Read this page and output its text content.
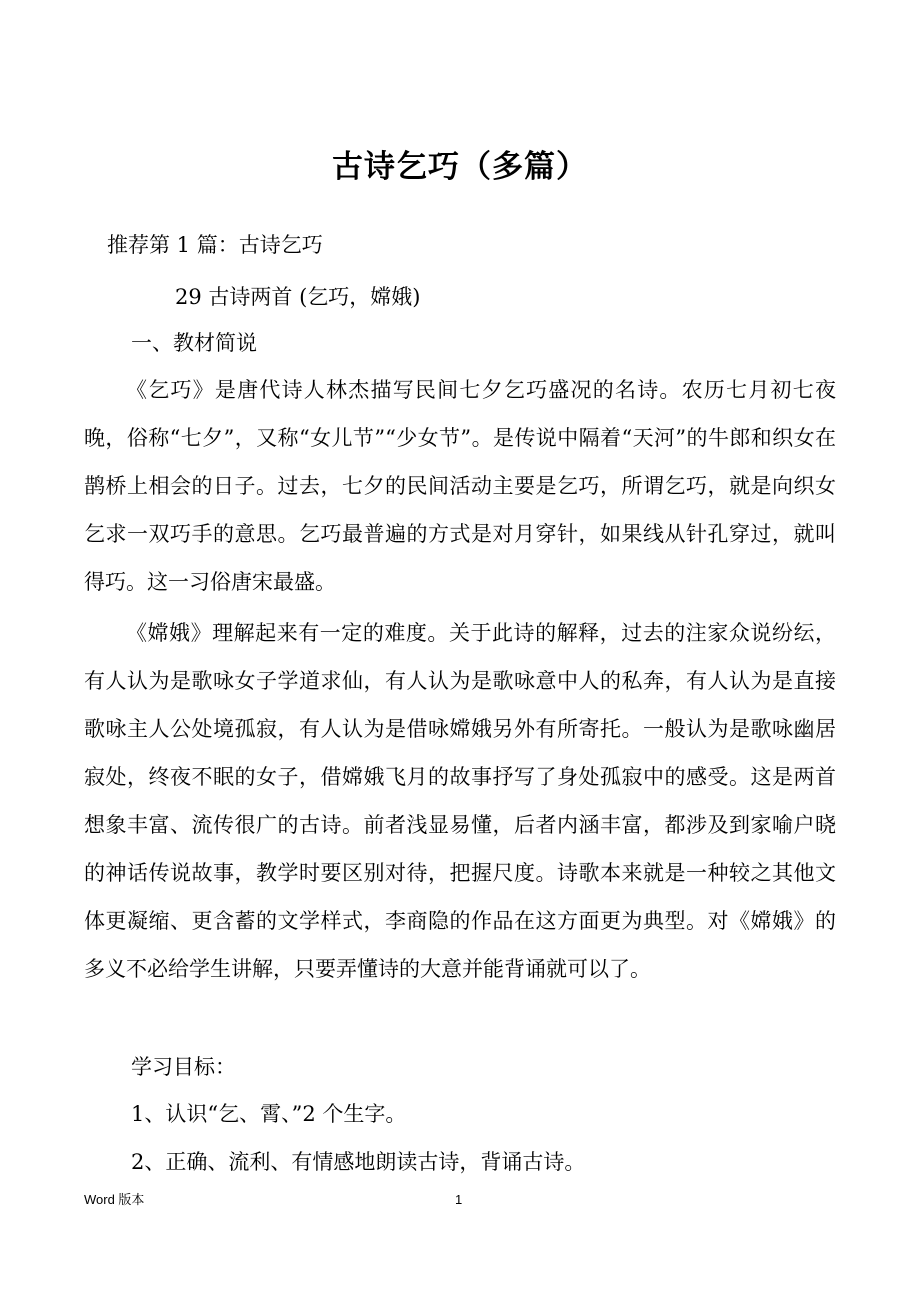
古诗乞巧（多篇）
推荐第 1 篇：古诗乞巧
29 古诗两首 (乞巧，嫦娥)
一、教材简说

《乞巧》是唐代诗人林杰描写民间七夕乞巧盛况的名诗。农历七月初七夜晚，俗称“七夕”，又称“女儿节”“少女节”。是传说中隔着“天河”的牛郎和织女在鹊桥上相会的日子。过去，七夕的民间活动主要是乞巧，所谓乞巧，就是向织女乞求一双巧手的意思。乞巧最普遍的方式是对月穿针，如果线从针孔穿过，就叫得巧。这一习俗唐宋最盛。

《嫦娥》理解起来有一定的难度。关于此诗的解释，过去的注家众说纷纭，有人认为是歌咏女子学道求仙，有人认为是歌咏意中人的私奔，有人认为是直接歌咏主人公处境孤寂，有人认为是借咏嫦娥另外有所寄托。一般认为是歌咏幽居寂处，终夜不眠的女子，借嫦娥飞月的故事抒写了身处孤寂中的感受。这是两首想象丰富、流传很广的古诗。前者浅显易懂，后者内涵丰富，都涉及到家喻户晓的神话传说故事，教学时要区别对待，把握尺度。诗歌本来就是一种较之其他文体更凝缩、更含蓄的文学样式，李商隐的作品在这方面更为典型。对《嫦娥》的多义不必给学生讲解，只要弄懂诗的大意并能背诵就可以了。

学习目标：
1、认识“乞、霄、”2 个生字。
2、正确、流利、有情感地朗读古诗，背诵古诗。
Word 版本	1
